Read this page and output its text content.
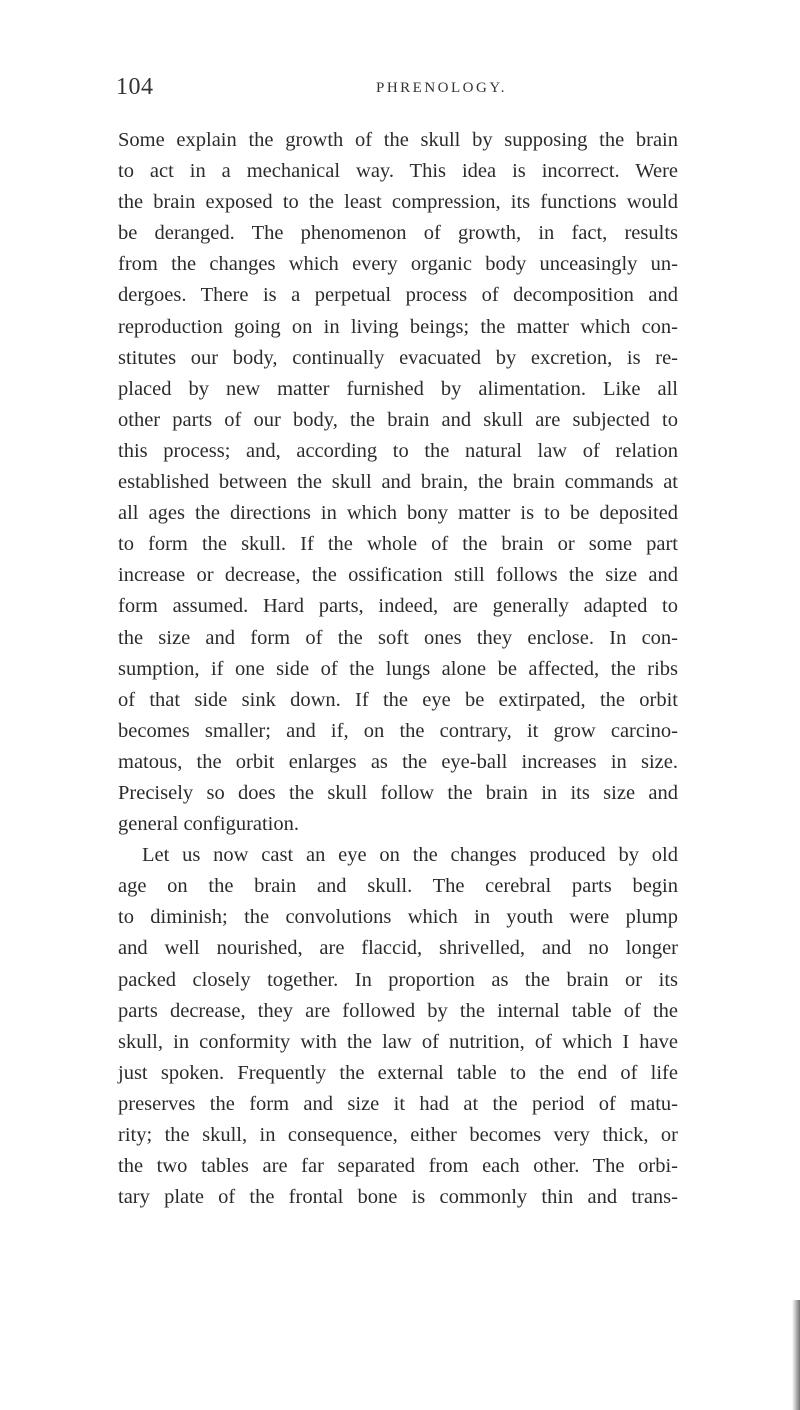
104	PHRENOLOGY.
Some explain the growth of the skull by supposing the brain
to act in a mechanical way. This idea is incorrect. Were
the brain exposed to the least compression, its functions would
be deranged. The phenomenon of growth, in fact, results
from the changes which every organic body unceasingly un-
dergoes. There is a perpetual process of decomposition and
reproduction going on in living beings; the matter which con-
stitutes our body, continually evacuated by excretion, is re-
placed by new matter furnished by alimentation. Like all
other parts of our body, the brain and skull are subjected to
this process; and, according to the natural law of relation
established between the skull and brain, the brain commands at
all ages the directions in which bony matter is to be deposited
to form the skull. If the whole of the brain or some part
increase or decrease, the ossification still follows the size and
form assumed. Hard parts, indeed, are generally adapted to
the size and form of the soft ones they enclose. In con-
sumption, if one side of the lungs alone be affected, the ribs
of that side sink down. If the eye be extirpated, the orbit
becomes smaller; and if, on the contrary, it grow carcino-
matous, the orbit enlarges as the eye-ball increases in size.
Precisely so does the skull follow the brain in its size and
general configuration.
Let us now cast an eye on the changes produced by old
age on the brain and skull. The cerebral parts begin
to diminish; the convolutions which in youth were plump
and well nourished, are flaccid, shrivelled, and no longer
packed closely together. In proportion as the brain or its
parts decrease, they are followed by the internal table of the
skull, in conformity with the law of nutrition, of which I have
just spoken. Frequently the external table to the end of life
preserves the form and size it had at the period of matu-
rity; the skull, in consequence, either becomes very thick, or
the two tables are far separated from each other. The orbi-
tary plate of the frontal bone is commonly thin and trans-
